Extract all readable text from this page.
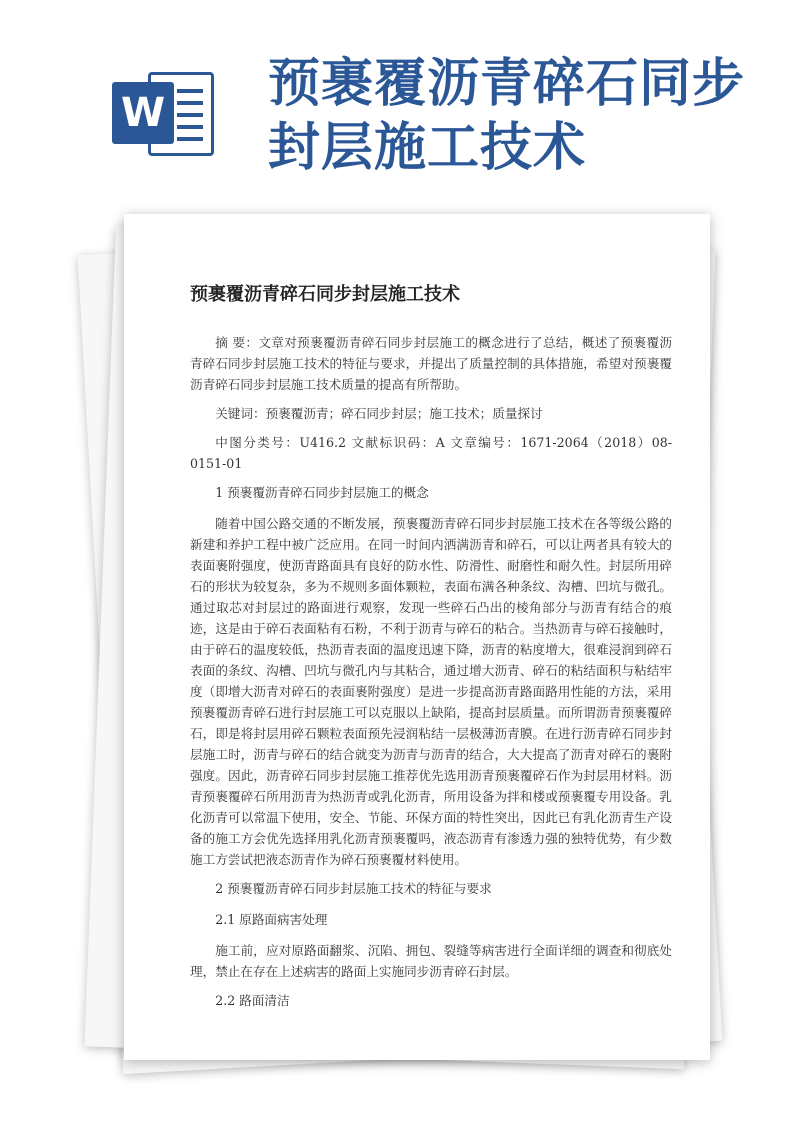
W 预裹覆沥青碎石同步封层施工技术
预裹覆沥青碎石同步封层施工技术

摘 要：文章对预裹覆沥青碎石同步封层施工的概念进行了总结，概述了预裹覆沥青碎石同步封层施工技术的特征与要求，并提出了质量控制的具体措施，希望对预裹覆沥青碎石同步封层施工技术质量的提高有所帮助。

关键词：预裹覆沥青；碎石同步封层；施工技术；质量探讨

中图分类号：U416.2 文献标识码：A 文章编号：1671-2064（2018）08-0151-01

1 预裹覆沥青碎石同步封层施工的概念

随着中国公路交通的不断发展，预裹覆沥青碎石同步封层施工技术在各等级公路的新建和养护工程中被广泛应用。在同一时间内洒满沥青和碎石，可以让两者具有较大的表面裹附强度，使沥青路面具有良好的防水性、防滑性、耐磨性和耐久性。封层所用碎石的形状为较复杂，多为不规则多面体颗粒，表面布满各种条纹、沟槽、凹坑与微孔。通过取芯对封层过的路面进行观察，发现一些碎石凸出的棱角部分与沥青有结合的痕迹，这是由于碎石表面粘有石粉，不利于沥青与碎石的粘合。当热沥青与碎石接触时，由于碎石的温度较低，热沥青表面的温度迅速下降，沥青的粘度增大，很难浸润到碎石表面的条纹、沟槽、凹坑与微孔内与其粘合，通过增大沥青、碎石的粘结面积与粘结牢度（即增大沥青对碎石的表面裹附强度）是进一步提高沥青路面路用性能的方法，采用预裹覆沥青碎石进行封层施工可以克服以上缺陷，提高封层质量。而所谓沥青预裹覆碎石，即是将封层用碎石颗粒表面预先浸润粘结一层极薄沥青膜。在进行沥青碎石同步封层施工时，沥青与碎石的结合就变为沥青与沥青的结合，大大提高了沥青对碎石的裹附强度。因此，沥青碎石同步封层施工推荐优先选用沥青预裹覆碎石作为封层用材料。沥青预裹覆碎石所用沥青为热沥青或乳化沥青，所用设备为拌和楼或预裹覆专用设备。乳化沥青可以常温下使用，安全、节能、环保方面的特性突出，因此已有乳化沥青生产设备的施工方会优先选择用乳化沥青预裹覆吗，液态沥青有渗透力强的独特优势，有少数施工方尝试把液态沥青作为碎石预裹覆材料使用。

2 预裹覆沥青碎石同步封层施工技术的特征与要求

2.1 原路面病害处理

施工前，应对原路面翻浆、沉陷、拥包、裂缝等病害进行全面详细的调查和彻底处理，禁止在存在上述病害的路面上实施同步沥青碎石封层。

2.2 路面清洁
